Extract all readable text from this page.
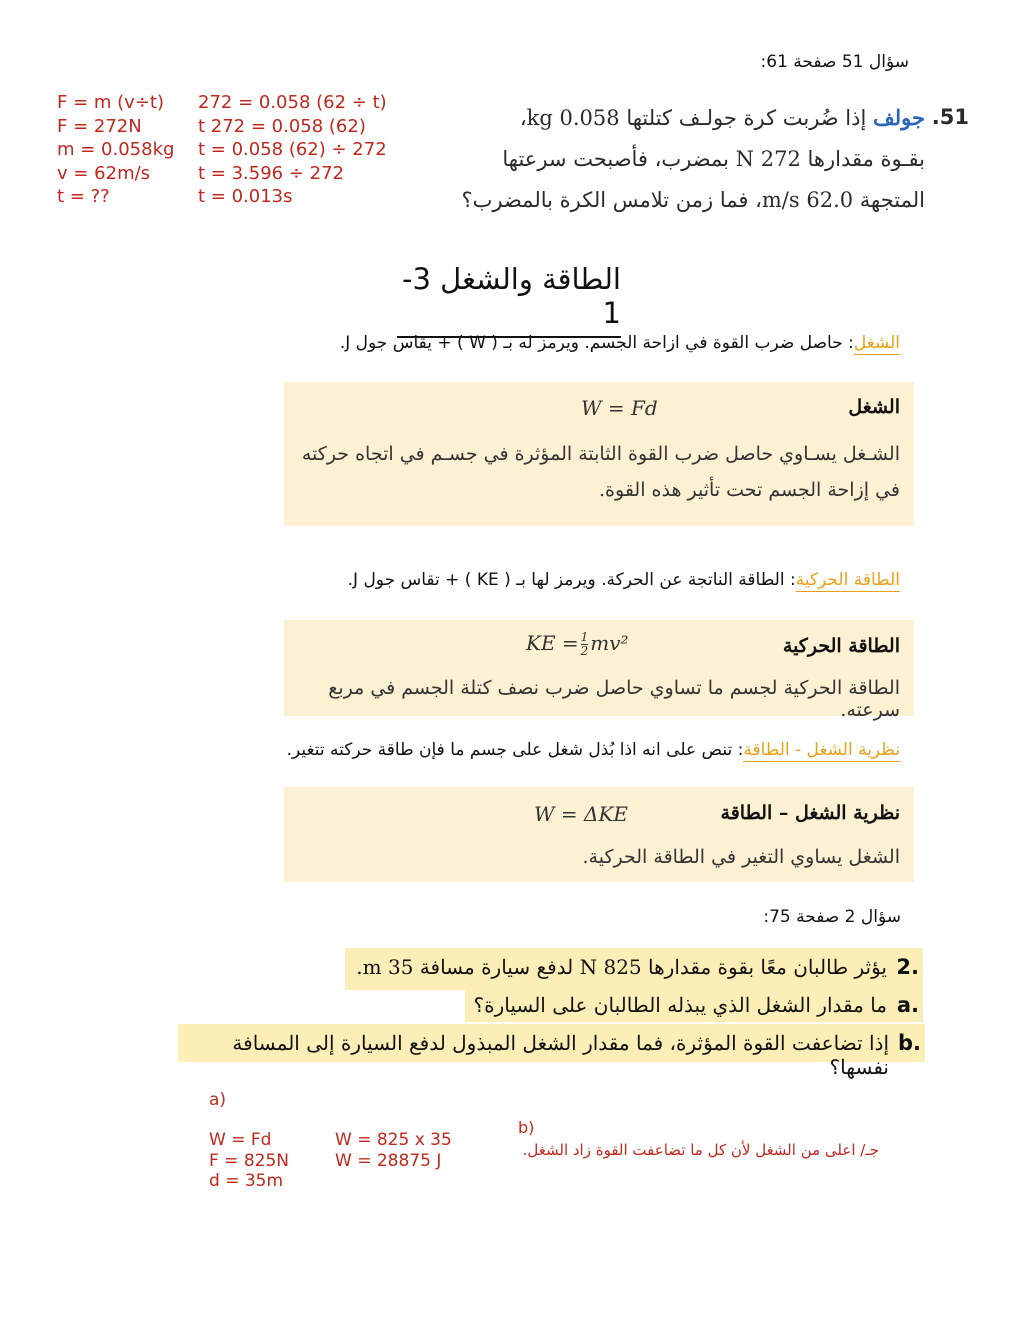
سؤال 51 صفحة 61:
F = m (v÷t)
F = 272N
m = 0.058kg
v = 62m/s
t = ??
272 = 0.058 (62 ÷ t)
t 272 = 0.058 (62)
t = 0.058 (62) ÷ 272
t = 3.596 ÷ 272
t = 0.013s
51.
جولف إذا ضُربت كرة جولـف كتلتها 0.058 kg،
بقـوة مقدارها 272 N بمضرب، فأصبحت سرعتها
المتجهة 62.0 m/s، فما زمن تلامس الكرة بالمضرب؟
الطاقة والشغل 3-1
الشغل: حاصل ضرب القوة في ازاحة الجسم. ويرمز له بـ ( W ) + يقاس جول J.
الشغل
W = Fd
الشـغل يسـاوي حاصل ضرب القوة الثابتة المؤثرة في جسـم في اتجاه حركته في إزاحة الجسم تحت تأثير هذه القوة.
الطاقة الحركية: الطاقة الناتجة عن الحركة. ويرمز لها بـ ( KE ) + تقاس جول J.
الطاقة الحركية
KE = $\frac{1}{2} mv^2$
الطاقة الحركية لجسم ما تساوي حاصل ضرب نصف كتلة الجسم في مربع سرعته.
نظرية الشغل - الطاقة: تنص على انه اذا بُذل شغل على جسم ما فإن طاقة حركته تتغير.
نظرية الشغل – الطاقة
W = ΔKE
الشغل يساوي التغير في الطاقة الحركية.
سؤال 2 صفحة 75:
2.
يؤثر طالبان معًا بقوة مقدارها 825 N لدفع سيارة مسافة 35 m.
a.
ما مقدار الشغل الذي يبذله الطالبان على السيارة؟
b.
إذا تضاعفت القوة المؤثرة، فما مقدار الشغل المبذول لدفع السيارة إلى المسافة نفسها؟
a)
W = Fd
F = 825N
d = 35m
W = 825 x 35
W = 28875 J
b)
جـ/ اعلى من الشغل لأن كل ما تضاعفت القوة زاد الشغل.
